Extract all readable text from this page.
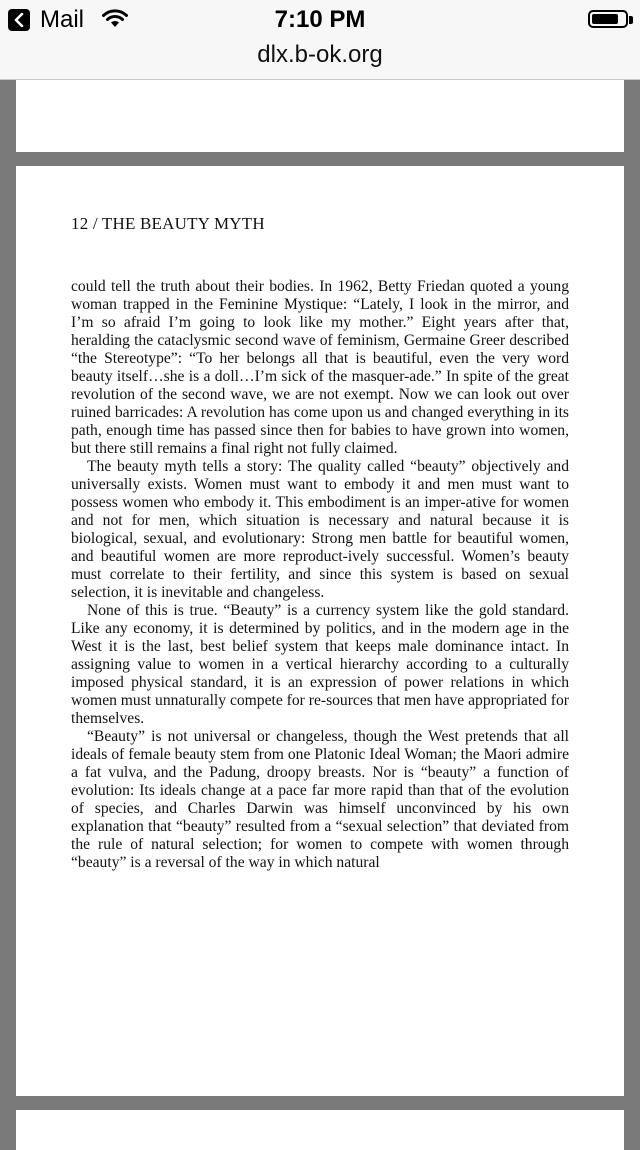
Mail	7:10 PM
dlx.b-ok.org
12 / THE BEAUTY MYTH

could tell the truth about their bodies. In 1962, Betty Friedan quoted a young woman trapped in the Feminine Mystique: “Lately, I look in the mirror, and I’m so afraid I’m going to look like my mother.” Eight years after that, heralding the cataclysmic second wave of feminism, Germaine Greer described “the Stereotype”: “To her belongs all that is beautiful, even the very word beauty itself…she is a doll…I’m sick of the masquer-ade.” In spite of the great revolution of the second wave, we are not exempt. Now we can look out over ruined barricades: A revolution has come upon us and changed everything in its path, enough time has passed since then for babies to have grown into women, but there still remains a final right not fully claimed.

The beauty myth tells a story: The quality called “beauty” objectively and universally exists. Women must want to embody it and men must want to possess women who embody it. This embodiment is an imper-ative for women and not for men, which situation is necessary and natural because it is biological, sexual, and evolutionary: Strong men battle for beautiful women, and beautiful women are more reproduct-ively successful. Women’s beauty must correlate to their fertility, and since this system is based on sexual selection, it is inevitable and changeless.

None of this is true. “Beauty” is a currency system like the gold standard. Like any economy, it is determined by politics, and in the modern age in the West it is the last, best belief system that keeps male dominance intact. In assigning value to women in a vertical hierarchy according to a culturally imposed physical standard, it is an expression of power relations in which women must unnaturally compete for re-sources that men have appropriated for themselves.

“Beauty” is not universal or changeless, though the West pretends that all ideals of female beauty stem from one Platonic Ideal Woman; the Maori admire a fat vulva, and the Padung, droopy breasts. Nor is “beauty” a function of evolution: Its ideals change at a pace far more rapid than that of the evolution of species, and Charles Darwin was himself unconvinced by his own explanation that “beauty” resulted from a “sexual selection” that deviated from the rule of natural selection; for women to compete with women through “beauty” is a reversal of the way in which natural
